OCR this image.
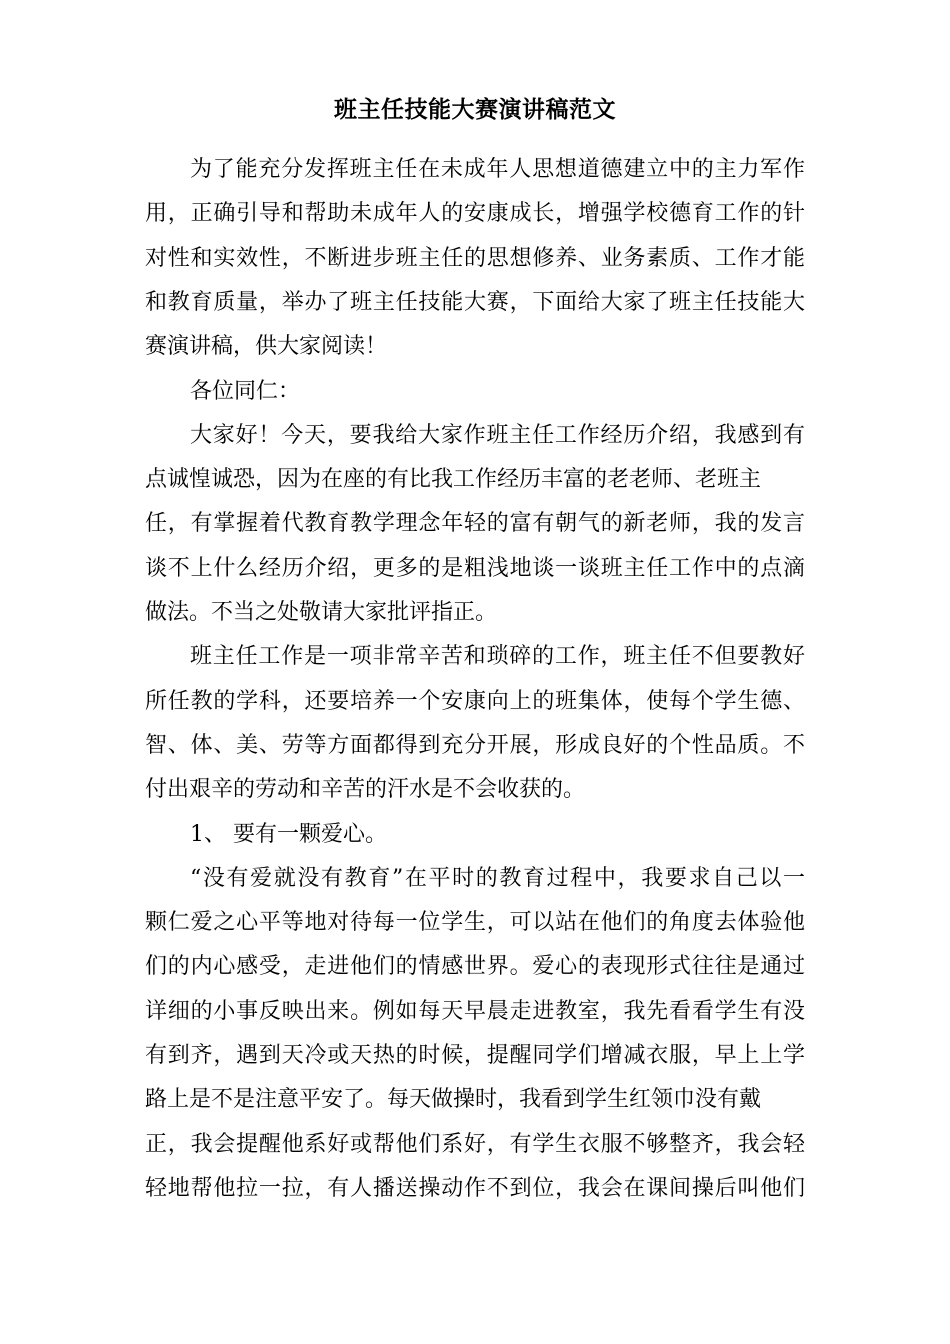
班主任技能大赛演讲稿范文
为了能充分发挥班主任在未成年人思想道德建立中的主力军作
用，正确引导和帮助未成年人的安康成长，增强学校德育工作的针
对性和实效性，不断进步班主任的思想修养、业务素质、工作才能
和教育质量，举办了班主任技能大赛，下面给大家了班主任技能大
赛演讲稿，供大家阅读！
各位同仁：
大家好！今天，要我给大家作班主任工作经历介绍，我感到有
点诚惶诚恐，因为在座的有比我工作经历丰富的老老师、老班主
任，有掌握着代教育教学理念年轻的富有朝气的新老师，我的发言
谈不上什么经历介绍，更多的是粗浅地谈一谈班主任工作中的点滴
做法。不当之处敬请大家批评指正。
班主任工作是一项非常辛苦和琐碎的工作，班主任不但要教好
所任教的学科，还要培养一个安康向上的班集体，使每个学生德、
智、体、美、劳等方面都得到充分开展，形成良好的个性品质。不
付出艰辛的劳动和辛苦的汗水是不会收获的。
1、 要有一颗爱心。
“没有爱就没有教育”在平时的教育过程中，我要求自己以一
颗仁爱之心平等地对待每一位学生，可以站在他们的角度去体验他
们的内心感受，走进他们的情感世界。爱心的表现形式往往是通过
详细的小事反映出来。例如每天早晨走进教室，我先看看学生有没
有到齐，遇到天冷或天热的时候，提醒同学们增减衣服，早上上学
路上是不是注意平安了。每天做操时，我看到学生红领巾没有戴
正，我会提醒他系好或帮他们系好，有学生衣服不够整齐，我会轻
轻地帮他拉一拉，有人播送操动作不到位，我会在课间操后叫他们
